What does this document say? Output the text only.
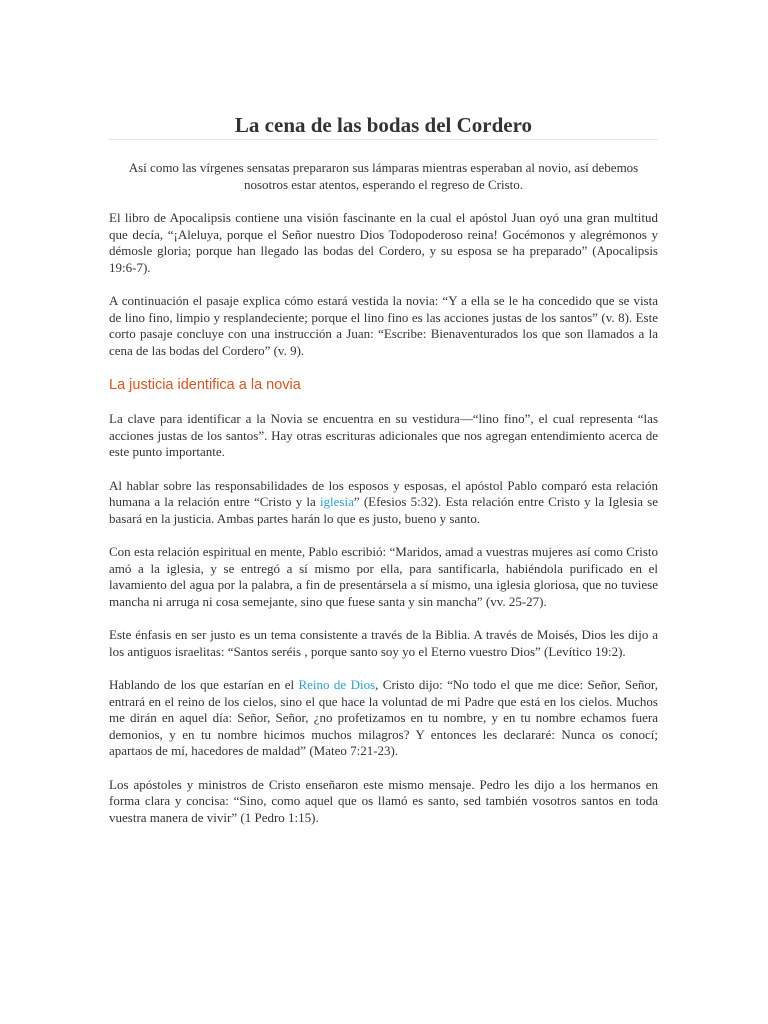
La cena de las bodas del Cordero

Así como las vírgenes sensatas prepararon sus lámparas mientras esperaban al novio, así debemos nosotros estar atentos, esperando el regreso de Cristo.

El libro de Apocalipsis contiene una visión fascinante en la cual el apóstol Juan oyó una gran multitud que decía, “¡Aleluya, porque el Señor nuestro Dios Todopoderoso reina! Gocémonos y alegrémonos y démosle gloria; porque han llegado las bodas del Cordero, y su esposa se ha preparado” (Apocalipsis 19:6-7).

A continuación el pasaje explica cómo estará vestida la novia: “Y a ella se le ha concedido que se vista de lino fino, limpio y resplandeciente; porque el lino fino es las acciones justas de los santos” (v. 8). Este corto pasaje concluye con una instrucción a Juan: “Escribe: Bienaventurados los que son llamados a la cena de las bodas del Cordero” (v. 9).

La justicia identifica a la novia

La clave para identificar a la Novia se encuentra en su vestidura—“lino fino”, el cual representa “las acciones justas de los santos”. Hay otras escrituras adicionales que nos agregan entendimiento acerca de este punto importante.

Al hablar sobre las responsabilidades de los esposos y esposas, el apóstol Pablo comparó esta relación humana a la relación entre “Cristo y la iglesia” (Efesios 5:32). Esta relación entre Cristo y la Iglesia se basará en la justicia. Ambas partes harán lo que es justo, bueno y santo.

Con esta relación espiritual en mente, Pablo escribió: “Maridos, amad a vuestras mujeres así como Cristo amó a la iglesia, y se entregó a sí mismo por ella, para santificarla, habiéndola purificado en el lavamiento del agua por la palabra, a fin de presentársela a sí mismo, una iglesia gloriosa, que no tuviese mancha ni arruga ni cosa semejante, sino que fuese santa y sin mancha” (vv. 25-27).

Este énfasis en ser justo es un tema consistente a través de la Biblia. A través de Moisés, Dios les dijo a los antiguos israelitas: “Santos seréis , porque santo soy yo el Eterno vuestro Dios” (Levítico 19:2).

Hablando de los que estarían en el Reino de Dios, Cristo dijo: “No todo el que me dice: Señor, Señor, entrará en el reino de los cielos, sino el que hace la voluntad de mi Padre que está en los cielos. Muchos me dirán en aquel día: Señor, Señor, ¿no profetizamos en tu nombre, y en tu nombre echamos fuera demonios, y en tu nombre hicimos muchos milagros? Y entonces les declararé: Nunca os conocí; apartaos de mí, hacedores de maldad” (Mateo 7:21-23).

Los apóstoles y ministros de Cristo enseñaron este mismo mensaje. Pedro les dijo a los hermanos en forma clara y concisa: “Sino, como aquel que os llamó es santo, sed también vosotros santos en toda vuestra manera de vivir” (1 Pedro 1:15).
